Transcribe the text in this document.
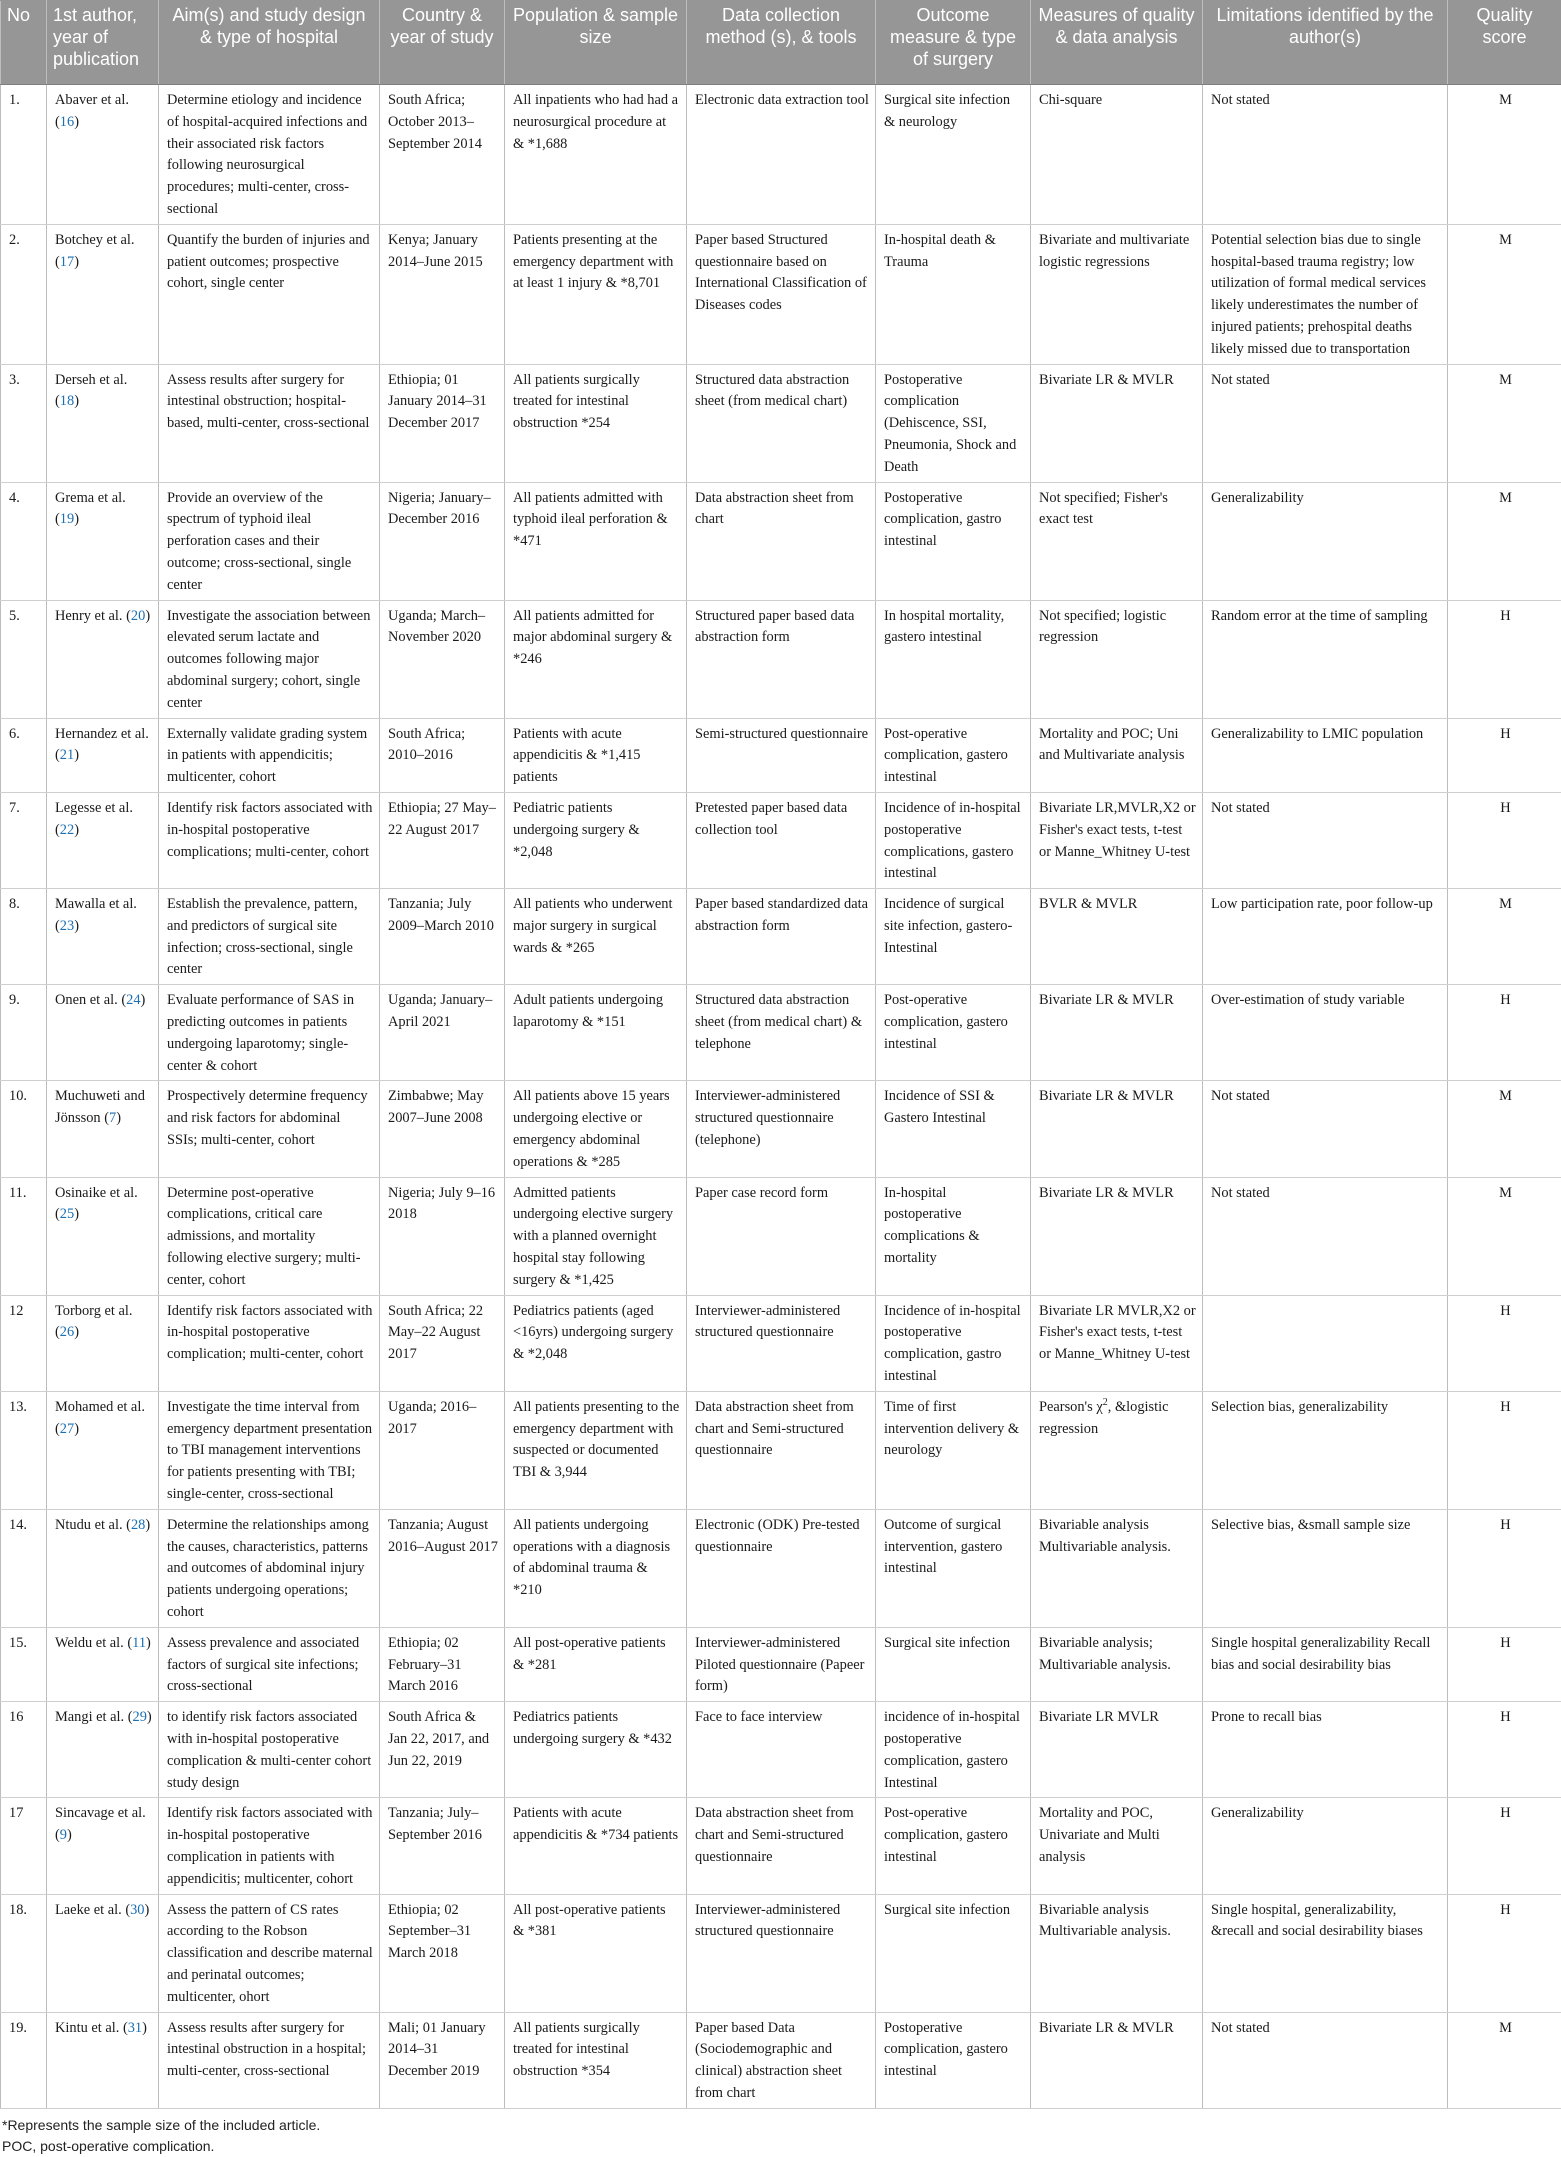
No	1st author, year of publication	Aim(s) and study design & type of hospital	Country & year of study	Population & sample size	Data collection method (s), & tools	Outcome measure & type of surgery	Measures of quality & data analysis	Limitations identified by the author(s)	Quality score
1.	Abaver et al. (16)	Determine etiology and incidence of hospital-acquired infections and their associated risk factors following neurosurgical procedures; multi-center, cross-sectional	South Africa; October 2013–September 2014	All inpatients who had had a neurosurgical procedure at & *1,688	Electronic data extraction tool	Surgical site infection & neurology	Chi-square	Not stated	M
2.	Botchey et al. (17)	Quantify the burden of injuries and patient outcomes; prospective cohort, single center	Kenya; January 2014–June 2015	Patients presenting at the emergency department with at least 1 injury & *8,701	Paper based Structured questionnaire based on International Classification of Diseases codes	In-hospital death & Trauma	Bivariate and multivariate logistic regressions	Potential selection bias due to single hospital-based trauma registry; low utilization of formal medical services likely underestimates the number of injured patients; prehospital deaths likely missed due to transportation	M
3.	Derseh et al. (18)	Assess results after surgery for intestinal obstruction; hospital-based, multi-center, cross-sectional	Ethiopia; 01 January 2014–31 December 2017	All patients surgically treated for intestinal obstruction *254	Structured data abstraction sheet (from medical chart)	Postoperative complication (Dehiscence, SSI, Pneumonia, Shock and Death	Bivariate LR & MVLR	Not stated	M
4.	Grema et al. (19)	Provide an overview of the spectrum of typhoid ileal perforation cases and their outcome; cross-sectional, single center	Nigeria; January–December 2016	All patients admitted with typhoid ileal perforation & *471	Data abstraction sheet from chart	Postoperative complication, gastro intestinal	Not specified; Fisher's exact test	Generalizability	M
5.	Henry et al. (20)	Investigate the association between elevated serum lactate and outcomes following major abdominal surgery; cohort, single center	Uganda; March–November 2020	All patients admitted for major abdominal surgery & *246	Structured paper based data abstraction form	In hospital mortality, gastero intestinal	Not specified; logistic regression	Random error at the time of sampling	H
6.	Hernandez et al. (21)	Externally validate grading system in patients with appendicitis; multicenter, cohort	South Africa; 2010–2016	Patients with acute appendicitis & *1,415 patients	Semi-structured questionnaire	Post-operative complication, gastero intestinal	Mortality and POC; Uni and Multivariate analysis	Generalizability to LMIC population	H
7.	Legesse et al. (22)	Identify risk factors associated with in-hospital postoperative complications; multi-center, cohort	Ethiopia; 27 May–22 August 2017	Pediatric patients undergoing surgery & *2,048	Pretested paper based data collection tool	Incidence of in-hospital postoperative complications, gastero intestinal	Bivariate LR,MVLR,X2 or Fisher's exact tests, t-test or Manne_Whitney U-test	Not stated	H
8.	Mawalla et al. (23)	Establish the prevalence, pattern, and predictors of surgical site infection; cross-sectional, single center	Tanzania; July 2009–March 2010	All patients who underwent major surgery in surgical wards & *265	Paper based standardized data abstraction form	Incidence of surgical site infection, gastero-Intestinal	BVLR & MVLR	Low participation rate, poor follow-up	M
9.	Onen et al. (24)	Evaluate performance of SAS in predicting outcomes in patients undergoing laparotomy; single-center & cohort	Uganda; January–April 2021	Adult patients undergoing laparotomy & *151	Structured data abstraction sheet (from medical chart) & telephone	Post-operative complication, gastero intestinal	Bivariate LR & MVLR	Over-estimation of study variable	H
10.	Muchuweti and Jönsson (7)	Prospectively determine frequency and risk factors for abdominal SSIs; multi-center, cohort	Zimbabwe; May 2007–June 2008	All patients above 15 years undergoing elective or emergency abdominal operations & *285	Interviewer-administered structured questionnaire (telephone)	Incidence of SSI & Gastero Intestinal	Bivariate LR & MVLR	Not stated	M
11.	Osinaike et al. (25)	Determine post-operative complications, critical care admissions, and mortality following elective surgery; multi-center, cohort	Nigeria; July 9–16 2018	Admitted patients undergoing elective surgery with a planned overnight hospital stay following surgery & *1,425	Paper case record form	In-hospital postoperative complications & mortality	Bivariate LR & MVLR	Not stated	M
12	Torborg et al. (26)	Identify risk factors associated with in-hospital postoperative complication; multi-center, cohort	South Africa; 22 May–22 August 2017	Pediatrics patients (aged <16yrs) undergoing surgery & *2,048	Interviewer-administered structured questionnaire	Incidence of in-hospital postoperative complication, gastro intestinal	Bivariate LR MVLR,X2 or Fisher's exact tests, t-test or Manne_Whitney U-test		H
13.	Mohamed et al. (27)	Investigate the time interval from emergency department presentation to TBI management interventions for patients presenting with TBI; single-center, cross-sectional	Uganda; 2016–2017	All patients presenting to the emergency department with suspected or documented TBI & 3,944	Data abstraction sheet from chart and Semi-structured questionnaire	Time of first intervention delivery & neurology	Pearson's $\chi^2$, &logistic regression	Selection bias, generalizability	H
14.	Ntudu et al. (28)	Determine the relationships among the causes, characteristics, patterns and outcomes of abdominal injury patients undergoing operations; cohort	Tanzania; August 2016–August 2017	All patients undergoing operations with a diagnosis of abdominal trauma & *210	Electronic (ODK) Pre-tested questionnaire	Outcome of surgical intervention, gastero intestinal	Bivariable analysis Multivariable analysis.	Selective bias, &small sample size	H
15.	Weldu et al. (11)	Assess prevalence and associated factors of surgical site infections; cross-sectional	Ethiopia; 02 February–31 March 2016	All post-operative patients & *281	Interviewer-administered Piloted questionnaire (Papeer form)	Surgical site infection	Bivariable analysis; Multivariable analysis.	Single hospital generalizability Recall bias and social desirability bias	H
16	Mangi et al. (29)	to identify risk factors associated with in-hospital postoperative complication & multi-center cohort study design	South Africa & Jan 22, 2017, and Jun 22, 2019	Pediatrics patients undergoing surgery & *432	Face to face interview	incidence of in-hospital postoperative complication, gastero Intestinal	Bivariate LR MVLR	Prone to recall bias	H
17	Sincavage et al. (9)	Identify risk factors associated with in-hospital postoperative complication in patients with appendicitis; multicenter, cohort	Tanzania; July–September 2016	Patients with acute appendicitis & *734 patients	Data abstraction sheet from chart and Semi-structured questionnaire	Post-operative complication, gastero intestinal	Mortality and POC, Univariate and Multi analysis	Generalizability	H
18.	Laeke et al. (30)	Assess the pattern of CS rates according to the Robson classification and describe maternal and perinatal outcomes; multicenter, ohort	Ethiopia; 02 September–31 March 2018	All post-operative patients & *381	Interviewer-administered structured questionnaire	Surgical site infection	Bivariable analysis Multivariable analysis.	Single hospital, generalizability, &recall and social desirability biases	H
19.	Kintu et al. (31)	Assess results after surgery for intestinal obstruction in a hospital; multi-center, cross-sectional	Mali; 01 January 2014–31 December 2019	All patients surgically treated for intestinal obstruction *354	Paper based Data (Sociodemographic and clinical) abstraction sheet from chart	Postoperative complication, gastero intestinal	Bivariate LR & MVLR	Not stated	M
*Represents the sample size of the included article.
POC, post-operative complication.
